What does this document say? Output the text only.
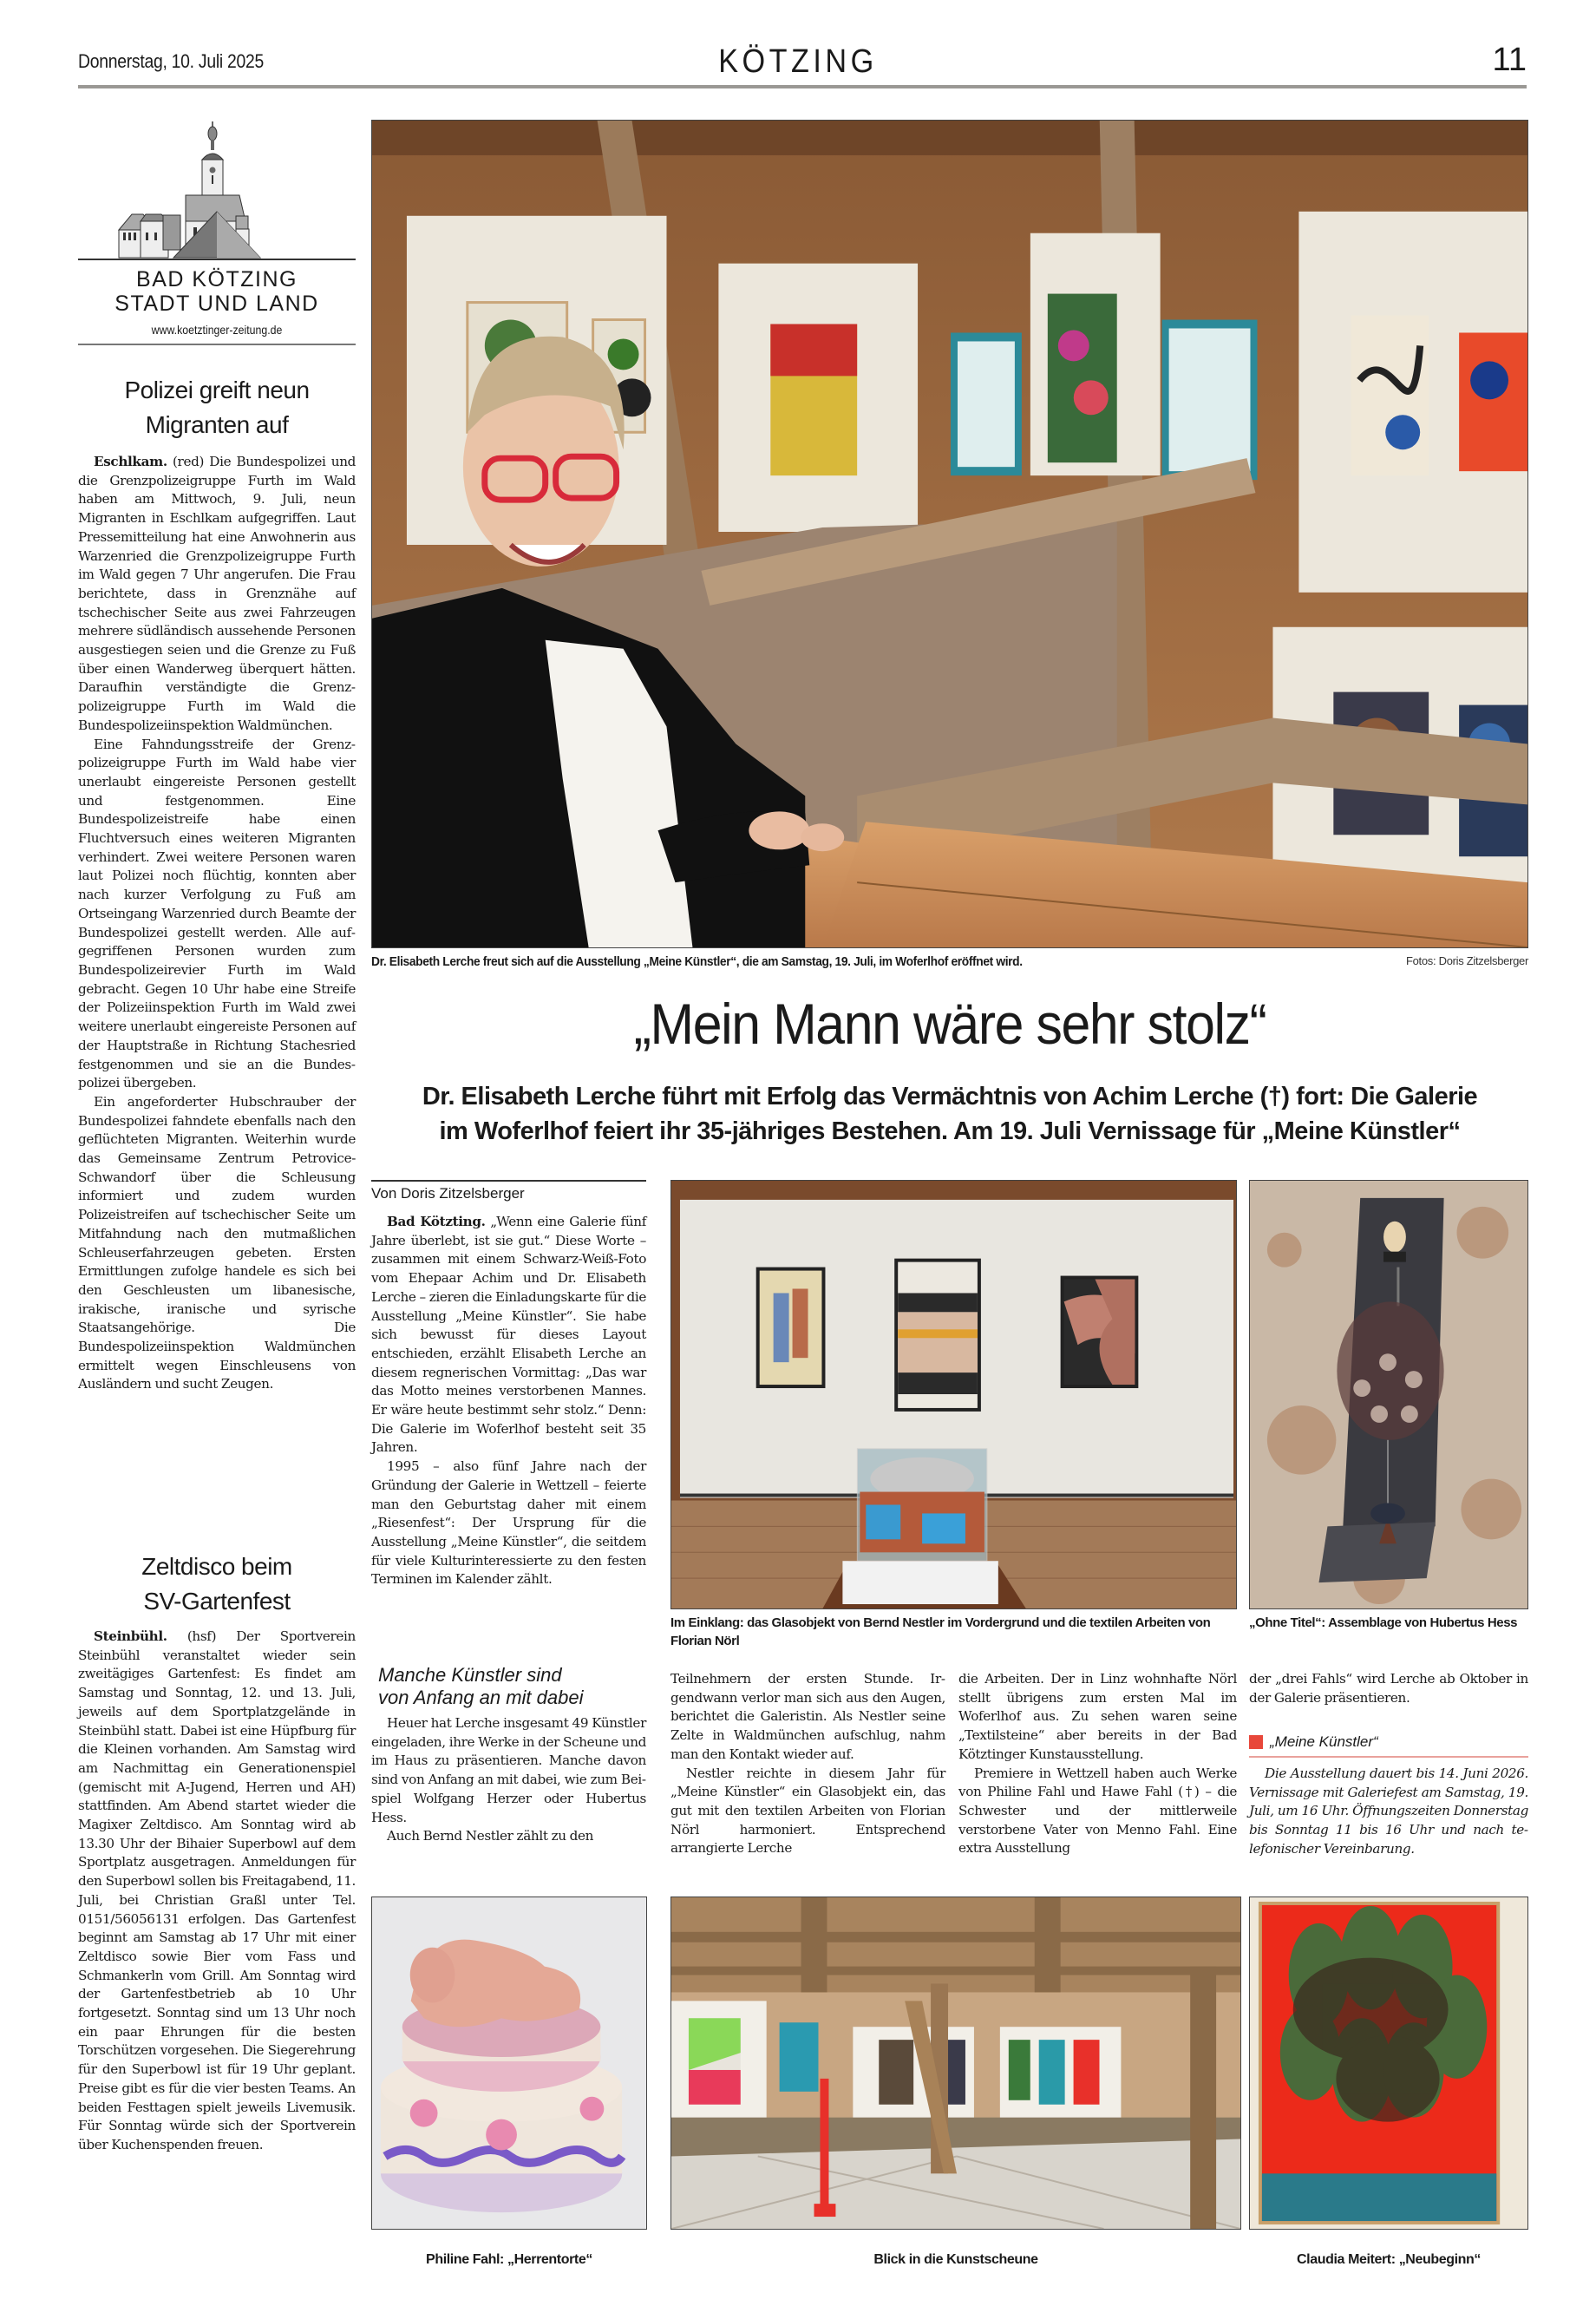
Donnerstag, 10. Juli 2025	KÖTZING	11
BAD KÖTZING
STADT UND LAND
www.koetztinger-zeitung.de
Polizei greift neun
Migranten auf

Eschlkam. (red) Die Bundespolizei und die Grenzpolizeigruppe Furth im Wald haben am Mittwoch, 9. Juli, neun Migranten in Eschlkam aufgegriffen. Laut Pressemitteilung hat eine Anwohnerin aus Warzenried die Grenzpolizeigruppe Furth im Wald gegen 7 Uhr angerufen. Die Frau berichtete, dass in Grenznähe auf tschechischer Seite aus zwei Fahrzeugen mehrere südländisch aussehende Personen ausgestiegen seien und die Grenze zu Fuß über einen Wanderweg überquert hätten. Daraufhin verständigte die Grenzpolizeigruppe Furth im Wald die Bundespolizeiinspektion Waldmünchen.

Eine Fahndungsstreife der Grenzpolizeigruppe Furth im Wald habe vier unerlaubt eingereiste Personen gestellt und festgenommen. Eine Bundespolizeistreife habe einen Fluchtversuch eines weiteren Migranten verhindert. Zwei weitere Personen waren laut Polizei noch flüchtig, konnten aber nach kurzer Verfolgung zu Fuß am Ortseingang Warzenried durch Beamte der Bundespolizei gestellt werden. Alle aufgegriffenen Personen wurden zum Bundespolizeirevier Furth im Wald gebracht. Gegen 10 Uhr habe eine Streife der Polizeiinspektion Furth im Wald zwei weitere unerlaubt eingereiste Personen auf der Hauptstraße in Richtung Stachesried festgenommen und sie an die Bundespolizei übergeben.

Ein angeforderter Hubschrauber der Bundespolizei fahndete ebenfalls nach den geflüchteten Migranten. Weiterhin wurde das Gemeinsame Zentrum Petrovice-Schwandorf über die Schleusung informiert und zudem wurden Polizeistreifen auf tschechischer Seite um Mitfahndung nach den mutmaßlichen Schleuserfahrzeugen gebeten. Ersten Ermittlungen zufolge handele es sich bei den Geschleusten um libanesische, irakische, iranische und syrische Staatsangehörige. Die Bundespolizeiinspektion Waldmünchen ermittelt wegen Einschleusens von Ausländern und sucht Zeugen.

Zeltdisco beim
SV-Gartenfest

Steinbühl. (hsf) Der Sportverein Steinbühl veranstaltet wieder sein zweitägiges Gartenfest: Es findet am Samstag und Sonntag, 12. und 13. Juli, jeweils auf dem Sportplatzgelände in Steinbühl statt. Dabei ist eine Hüpfburg für die Kleinen vorhanden. Am Samstag wird am Nachmittag ein Generationenspiel (gemischt mit A-Jugend, Herren und AH) stattfinden. Am Abend startet wieder die Magixer Zeltdisco. Am Sonntag wird ab 13.30 Uhr der Bihaier Superbowl auf dem Sportplatz ausgetragen. Anmeldungen für den Superbowl sollen bis Freitagabend, 11. Juli, bei Christian Graßl unter Tel. 0151/56056131 erfolgen. Das Gartenfest beginnt am Samstag ab 17 Uhr mit einer Zeltdisco sowie Bier vom Fass und Schmankerln vom Grill. Am Sonntag wird der Gartenfestbetrieb ab 10 Uhr fortgesetzt. Sonntag sind um 13 Uhr noch ein paar Ehrungen für die besten Torschützen vorgesehen. Die Siegerehrung für den Superbowl ist für 19 Uhr geplant. Preise gibt es für die vier besten Teams. An beiden Festtagen spielt jeweils Livemusik. Für Sonntag würde sich der Sportverein über Kuchenspenden freuen.

Dr. Elisabeth Lerche freut sich auf die Ausstellung „Meine Künstler“, die am Samstag, 19. Juli, im Woferlhof eröffnet wird.	Fotos: Doris Zitzelsberger
„Mein Mann wäre sehr stolz“
Dr. Elisabeth Lerche führt mit Erfolg das Vermächtnis von Achim Lerche (†) fort: Die Galerie
im Woferlhof feiert ihr 35-jähriges Bestehen. Am 19. Juli Vernissage für „Meine Künstler“
Von Doris Zitzelsberger

Bad Kötzting. „Wenn eine Galerie fünf Jahre überlebt, ist sie gut.“ Diese Worte – zusammen mit einem Schwarz-Weiß-Foto vom Ehepaar Achim und Dr. Elisabeth Lerche – zieren die Einladungskarte für die Ausstellung „Meine Künstler“. Sie habe sich bewusst für dieses Layout entschieden, erzählt Elisabeth Lerche an diesem regnerischen Vormittag: „Das war das Motto meines verstorbenen Mannes. Er wäre heute bestimmt sehr stolz.“ Denn: Die Galerie im Woferlhof besteht seit 35 Jahren.

1995 – also fünf Jahre nach der Gründung der Galerie in Wettzell – feierte man den Geburtstag daher mit einem „Riesenfest“: Der Ursprung für die Ausstellung „Meine Künstler“, die seitdem für viele Kulturinteressierte zu den festen Terminen im Kalender zählt.

Manche Künstler sind
von Anfang an mit dabei

Heuer hat Lerche insgesamt 49 Künstler eingeladen, ihre Werke in der Scheune und im Haus zu präsentieren. Manche davon sind von Anfang an mit dabei, wie zum Beispiel Wolfgang Herzer oder Hubertus Hess.

Auch Bernd Nestler zählt zu den

Im Einklang: das Glasobjekt von Bernd Nestler im Vordergrund und die textilen Arbeiten von Florian Nörl
„Ohne Titel“: Assemblage von Hubertus Hess

Teilnehmern der ersten Stunde. Irgendwann verlor man sich aus den Augen, berichtet die Galeristin. Als Nestler seine Zelte in Waldmünchen aufschlug, nahm man den Kontakt wieder auf.

Nestler reichte in diesem Jahr für „Meine Künstler“ ein Glasobjekt ein, das gut mit den textilen Arbeiten von Florian Nörl harmoniert. Entsprechend arrangierte Lerche

die Arbeiten. Der in Linz wohnhafte Nörl stellt übrigens zum ersten Mal im Woferlhof aus. Zu sehen waren seine „Textilsteine“ aber bereits in der Bad Kötztinger Kunstausstellung.

Premiere in Wettzell haben auch Werke von Philine Fahl und Hawe Fahl (†) – die Schwester und der mittlerweile verstorbene Vater von Menno Fahl. Eine extra Ausstellung

der „drei Fahls“ wird Lerche ab Oktober in der Galerie präsentieren.

„Meine Künstler“

Die Ausstellung dauert bis 14. Juni 2026. Vernissage mit Galeriefest am Samstag, 19. Juli, um 16 Uhr. Öffnungszeiten Donnerstag bis Sonntag 11 bis 16 Uhr und nach telefonischer Vereinbarung.

Philine Fahl: „Herrentorte“	Blick in die Kunstscheune	Claudia Meitert: „Neubeginn“
